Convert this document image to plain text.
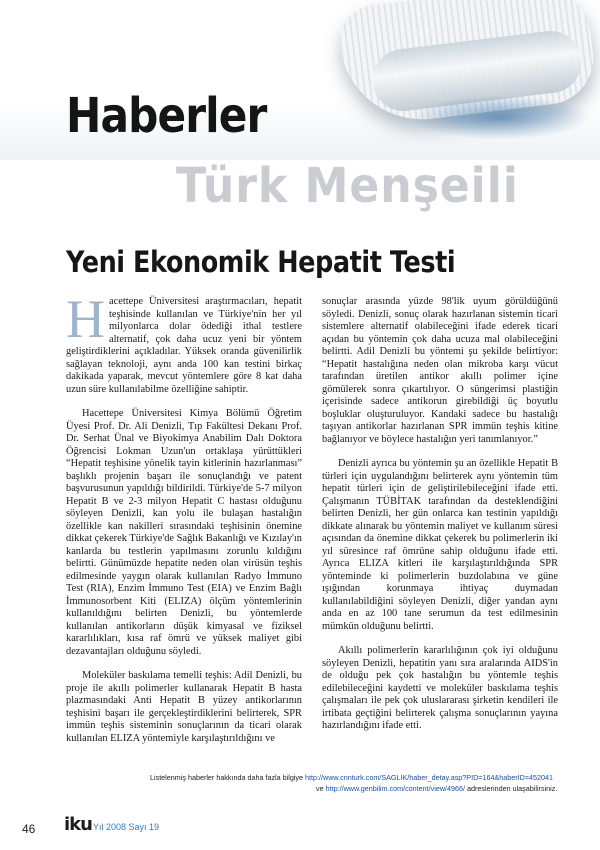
Haberler
Türk Menşeili
Yeni Ekonomik Hepatit Testi

Hacettepe Üniversitesi araştırmacıları, hepatit teşhisinde kullanılan ve Türkiye'nin her yıl milyonlarca dolar ödediği ithal testlere alternatif, çok daha ucuz yeni bir yöntem geliştirdiklerini açıkladılar. Yüksek oranda güvenilirlik sağlayan teknoloji, aynı anda 100 kan testini birkaç dakikada yaparak, mevcut yöntemlere göre 8 kat daha uzun süre kullanılabilme özelliğine sahiptir.

Hacettepe Üniversitesi Kimya Bölümü Öğretim Üyesi Prof. Dr. Ali Denizli, Tıp Fakültesi Dekanı Prof. Dr. Serhat Ünal ve Biyokimya Anabilim Dalı Doktora Öğrencisi Lokman Uzun'un ortaklaşa yürüttükleri “Hepatit teşhisine yönelik tayin kitlerinin hazırlanması” başlıklı projenin başarı ile sonuçlandığı ve patent başvurusunun yapıldığı bildirildi. Türkiye'de 5-7 milyon Hepatit B ve 2-3 milyon Hepatit C hastası olduğunu söyleyen Denizli, kan yolu ile bulaşan hastalığın özellikle kan nakilleri sırasındaki teşhisinin önemine dikkat çekerek Türkiye'de Sağlık Bakanlığı ve Kızılay'ın kanlarda bu testlerin yapılmasını zorunlu kıldığını belirtti. Günümüzde hepatite neden olan virüsün teşhis edilmesinde yaygın olarak kullanılan Radyo İmmuno Test (RIA), Enzim İmmuno Test (EIA) ve Enzim Bağlı İmmunosorbent Kiti (ELIZA) ölçüm yöntemlerinin kullanıldığını belirten Denizli, bu yöntemlerde kullanılan antikorların düşük kimyasal ve fiziksel kararlılıkları, kısa raf ömrü ve yüksek maliyet gibi dezavantajları olduğunu söyledi.

Moleküler baskılama temelli teşhis: Adil Denizli, bu proje ile akıllı polimerler kullanarak Hepatit B hasta plazmasındaki Anti Hepatit B yüzey antikorlarının teşhisini başarı ile gerçekleştirdiklerini belirterek, SPR immün teşhis sisteminin sonuçlarının da ticari olarak kullanılan ELIZA yöntemiyle karşılaştırıldığını ve

sonuçlar arasında yüzde 98'lik uyum görüldüğünü söyledi. Denizli, sonuç olarak hazırlanan sistemin ticari sistemlere alternatif olabileceğini ifade ederek ticari açıdan bu yöntemin çok daha ucuza mal olabileceğini belirtti. Adil Denizli bu yöntemi şu şekilde belirtiyor: “Hepatit hastalığına neden olan mikroba karşı vücut tarafından üretilen antikor akıllı polimer içine gömülerek sonra çıkartılıyor. O süngerimsi plastiğin içerisinde sadece antikorun girebildiği üç boyutlu boşluklar oluşturuluyor. Kandaki sadece bu hastalığı taşıyan antikorlar hazırlanan SPR immün teşhis kitine bağlanıyor ve böylece hastalığın yeri tanımlanıyor.”

Denizli ayrıca bu yöntemin şu an özellikle Hepatit B türleri için uygulandığını belirterek aynı yöntemin tüm hepatit türleri için de geliştirilebileceğini ifade etti. Çalışmanın TÜBİTAK tarafından da desteklendiğini belirten Denizli, her gün onlarca kan testinin yapıldığı dikkate alınarak bu yöntemin maliyet ve kullanım süresi açısından da önemine dikkat çekerek bu polimerlerin iki yıl süresince raf ömrüne sahip olduğunu ifade etti. Ayrıca ELIZA kitleri ile karşılaştırıldığında SPR yönteminde ki polimerlerin buzdolabına ve güne ışığından korunmaya ihtiyaç duymadan kullanılabildiğini söyleyen Denizli, diğer yandan aynı anda en az 100 tane serumun da test edilmesinin mümkün olduğunu belirtti.

Akıllı polimerlerin kararlılığının çok iyi olduğunu söyleyen Denizli, hepatitin yanı sıra aralarında AIDS'in de olduğu pek çok hastalığın bu yöntemle teşhis edilebileceğini kaydetti ve moleküler baskılama teşhis çalışmaları ile pek çok uluslararası şirketin kendileri ile irtibata geçtiğini belirterek çalışma sonuçlarının yayına hazırlandığını ifade etti.

Listelenmiş haberler hakkında daha fazla bilgiye http://www.cnnturk.com/SAGLIK/haber_detay.asp?PID=164&haberID=452041
ve http://www.genbilim.com/content/view/4966/ adreslerinden ulaşabilirsiniz.
46 iku Yıl 2008 Sayı 19
